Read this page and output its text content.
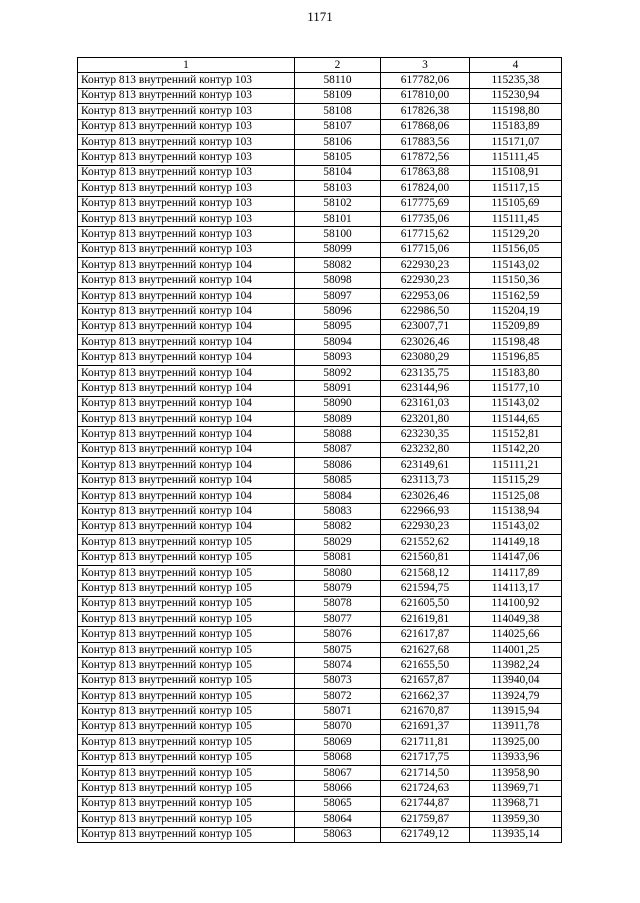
1171
1	2	3	4
Контур 813 внутренний контур 103	58110	617782,06	115235,38
Контур 813 внутренний контур 103	58109	617810,00	115230,94
Контур 813 внутренний контур 103	58108	617826,38	115198,80
Контур 813 внутренний контур 103	58107	617868,06	115183,89
Контур 813 внутренний контур 103	58106	617883,56	115171,07
Контур 813 внутренний контур 103	58105	617872,56	115111,45
Контур 813 внутренний контур 103	58104	617863,88	115108,91
Контур 813 внутренний контур 103	58103	617824,00	115117,15
Контур 813 внутренний контур 103	58102	617775,69	115105,69
Контур 813 внутренний контур 103	58101	617735,06	115111,45
Контур 813 внутренний контур 103	58100	617715,62	115129,20
Контур 813 внутренний контур 103	58099	617715,06	115156,05
Контур 813 внутренний контур 104	58082	622930,23	115143,02
Контур 813 внутренний контур 104	58098	622930,23	115150,36
Контур 813 внутренний контур 104	58097	622953,06	115162,59
Контур 813 внутренний контур 104	58096	622986,50	115204,19
Контур 813 внутренний контур 104	58095	623007,71	115209,89
Контур 813 внутренний контур 104	58094	623026,46	115198,48
Контур 813 внутренний контур 104	58093	623080,29	115196,85
Контур 813 внутренний контур 104	58092	623135,75	115183,80
Контур 813 внутренний контур 104	58091	623144,96	115177,10
Контур 813 внутренний контур 104	58090	623161,03	115143,02
Контур 813 внутренний контур 104	58089	623201,80	115144,65
Контур 813 внутренний контур 104	58088	623230,35	115152,81
Контур 813 внутренний контур 104	58087	623232,80	115142,20
Контур 813 внутренний контур 104	58086	623149,61	115111,21
Контур 813 внутренний контур 104	58085	623113,73	115115,29
Контур 813 внутренний контур 104	58084	623026,46	115125,08
Контур 813 внутренний контур 104	58083	622966,93	115138,94
Контур 813 внутренний контур 104	58082	622930,23	115143,02
Контур 813 внутренний контур 105	58029	621552,62	114149,18
Контур 813 внутренний контур 105	58081	621560,81	114147,06
Контур 813 внутренний контур 105	58080	621568,12	114117,89
Контур 813 внутренний контур 105	58079	621594,75	114113,17
Контур 813 внутренний контур 105	58078	621605,50	114100,92
Контур 813 внутренний контур 105	58077	621619,81	114049,38
Контур 813 внутренний контур 105	58076	621617,87	114025,66
Контур 813 внутренний контур 105	58075	621627,68	114001,25
Контур 813 внутренний контур 105	58074	621655,50	113982,24
Контур 813 внутренний контур 105	58073	621657,87	113940,04
Контур 813 внутренний контур 105	58072	621662,37	113924,79
Контур 813 внутренний контур 105	58071	621670,87	113915,94
Контур 813 внутренний контур 105	58070	621691,37	113911,78
Контур 813 внутренний контур 105	58069	621711,81	113925,00
Контур 813 внутренний контур 105	58068	621717,75	113933,96
Контур 813 внутренний контур 105	58067	621714,50	113958,90
Контур 813 внутренний контур 105	58066	621724,63	113969,71
Контур 813 внутренний контур 105	58065	621744,87	113968,71
Контур 813 внутренний контур 105	58064	621759,87	113959,30
Контур 813 внутренний контур 105	58063	621749,12	113935,14
